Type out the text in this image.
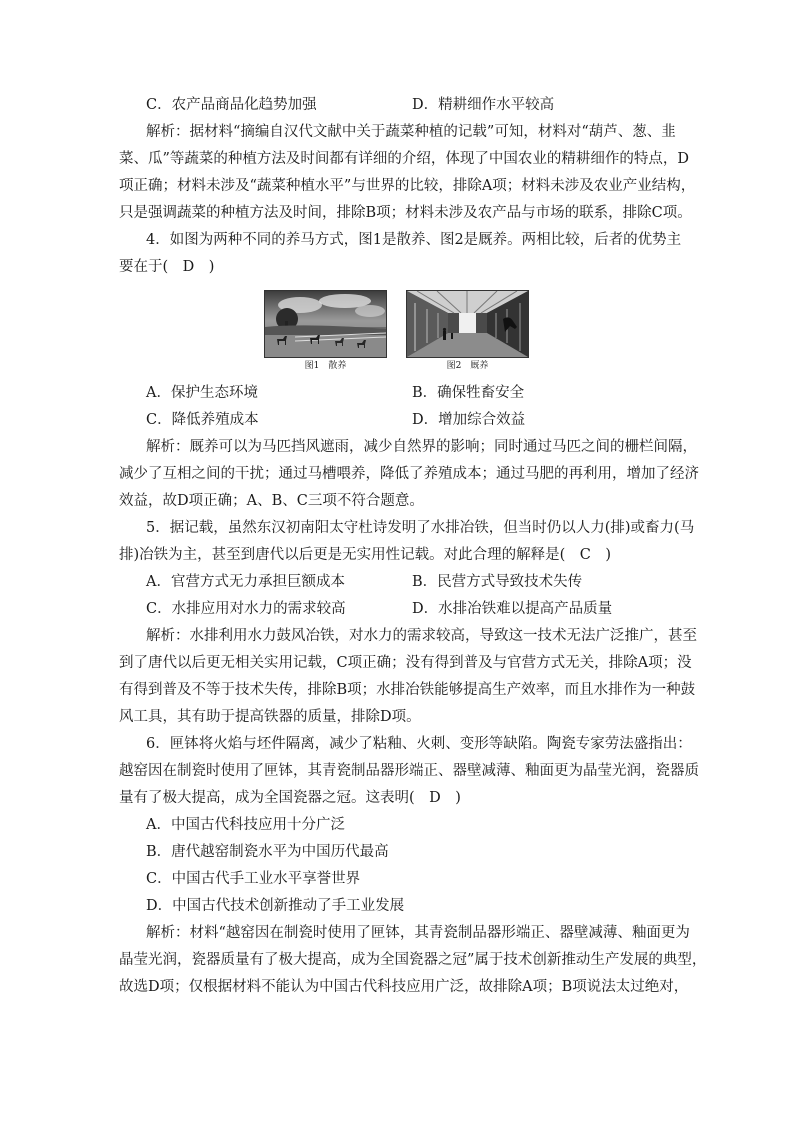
C．农产品商品化趋势加强	D．精耕细作水平较高
解析：据材料“摘编自汉代文献中关于蔬菜种植的记载”可知，材料对“葫芦、葱、韭
菜、瓜”等蔬菜的种植方法及时间都有详细的介绍，体现了中国农业的精耕细作的特点，D
项正确；材料未涉及“蔬菜种植水平”与世界的比较，排除A项；材料未涉及农业产业结构，
只是强调蔬菜的种植方法及时间，排除B项；材料未涉及农产品与市场的联系，排除C项。
4．如图为两种不同的养马方式，图1是散养、图2是厩养。两相比较，后者的优势主
要在于(　D　)
图1　散养	图2　厩养
A．保护生态环境	B．确保牲畜安全
C．降低养殖成本	D．增加综合效益
解析：厩养可以为马匹挡风遮雨，减少自然界的影响；同时通过马匹之间的栅栏间隔，
减少了互相之间的干扰；通过马槽喂养，降低了养殖成本；通过马肥的再利用，增加了经济
效益，故D项正确；A、B、C三项不符合题意。
5．据记载，虽然东汉初南阳太守杜诗发明了水排冶铁，但当时仍以人力(排)或畜力(马
排)冶铁为主，甚至到唐代以后更是无实用性记载。对此合理的解释是(　C　)
A．官营方式无力承担巨额成本	B．民营方式导致技术失传
C．水排应用对水力的需求较高	D．水排冶铁难以提高产品质量
解析：水排利用水力鼓风冶铁，对水力的需求较高，导致这一技术无法广泛推广，甚至
到了唐代以后更无相关实用记载，C项正确；没有得到普及与官营方式无关，排除A项；没
有得到普及不等于技术失传，排除B项；水排冶铁能够提高生产效率，而且水排作为一种鼓
风工具，其有助于提高铁器的质量，排除D项。
6．匣钵将火焰与坯件隔离，减少了粘釉、火刺、变形等缺陷。陶瓷专家劳法盛指出：
越窑因在制瓷时使用了匣钵，其青瓷制品器形端正、器壁减薄、釉面更为晶莹光润，瓷器质
量有了极大提高，成为全国瓷器之冠。这表明(　D　)
A．中国古代科技应用十分广泛
B．唐代越窑制瓷水平为中国历代最高
C．中国古代手工业水平享誉世界
D．中国古代技术创新推动了手工业发展
解析：材料“越窑因在制瓷时使用了匣钵，其青瓷制品器形端正、器壁减薄、釉面更为
晶莹光润，瓷器质量有了极大提高，成为全国瓷器之冠”属于技术创新推动生产发展的典型，
故选D项；仅根据材料不能认为中国古代科技应用广泛，故排除A项；B项说法太过绝对，
